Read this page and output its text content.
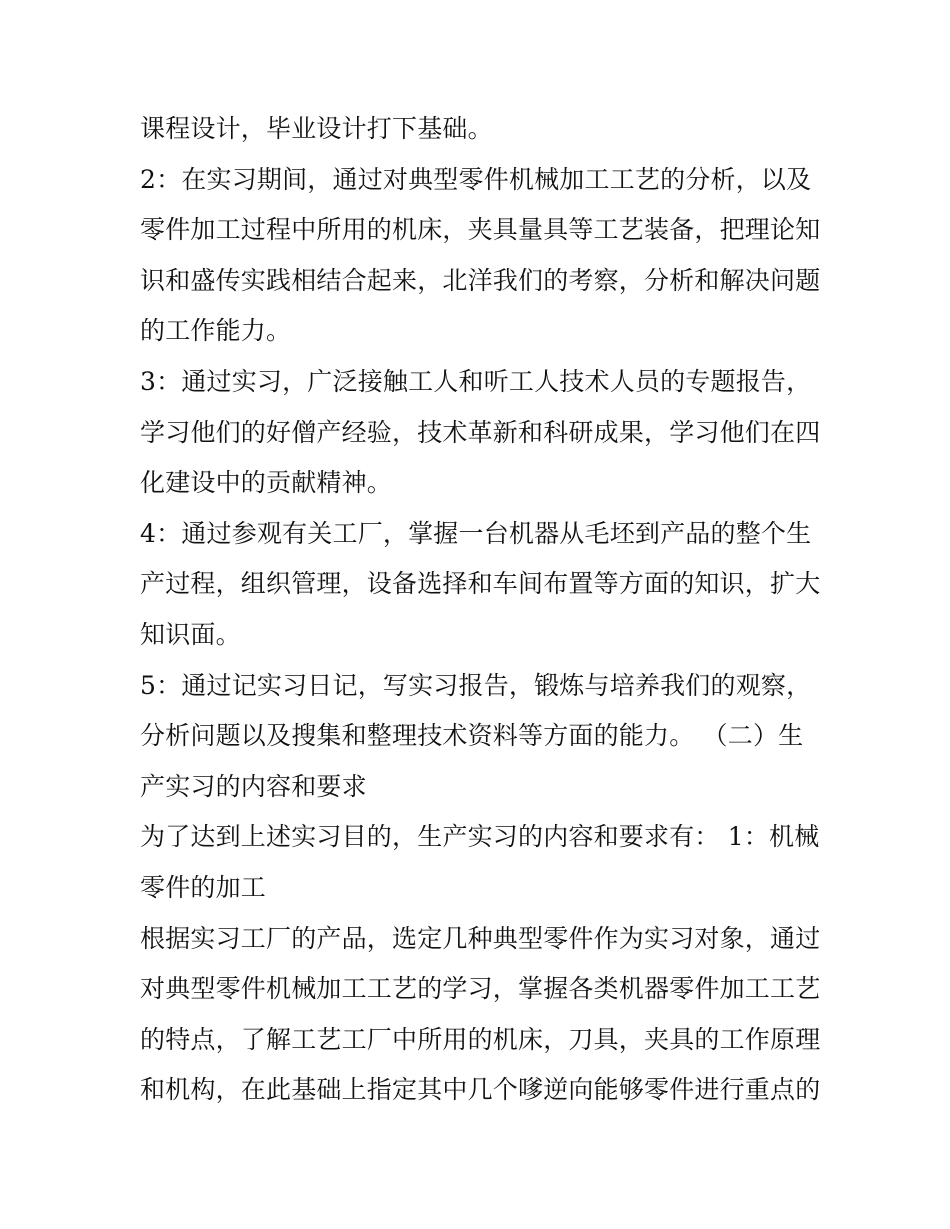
课程设计，毕业设计打下基础。
2：在实习期间，通过对典型零件机械加工工艺的分析，以及
零件加工过程中所用的机床，夹具量具等工艺装备，把理论知
识和盛传实践相结合起来，北洋我们的考察，分析和解决问题
的工作能力。
3：通过实习，广泛接触工人和听工人技术人员的专题报告，
学习他们的好僧产经验，技术革新和科研成果，学习他们在四
化建设中的贡献精神。
4：通过参观有关工厂，掌握一台机器从毛坯到产品的整个生
产过程，组织管理，设备选择和车间布置等方面的知识，扩大
知识面。
5：通过记实习日记，写实习报告，锻炼与培养我们的观察，
分析问题以及搜集和整理技术资料等方面的能力。 （二）生
产实习的内容和要求
为了达到上述实习目的，生产实习的内容和要求有： 1：机械
零件的加工
根据实习工厂的产品，选定几种典型零件作为实习对象，通过
对典型零件机械加工工艺的学习，掌握各类机器零件加工工艺
的特点，了解工艺工厂中所用的机床，刀具，夹具的工作原理
和机构，在此基础上指定其中几个嗲逆向能够零件进行重点的
